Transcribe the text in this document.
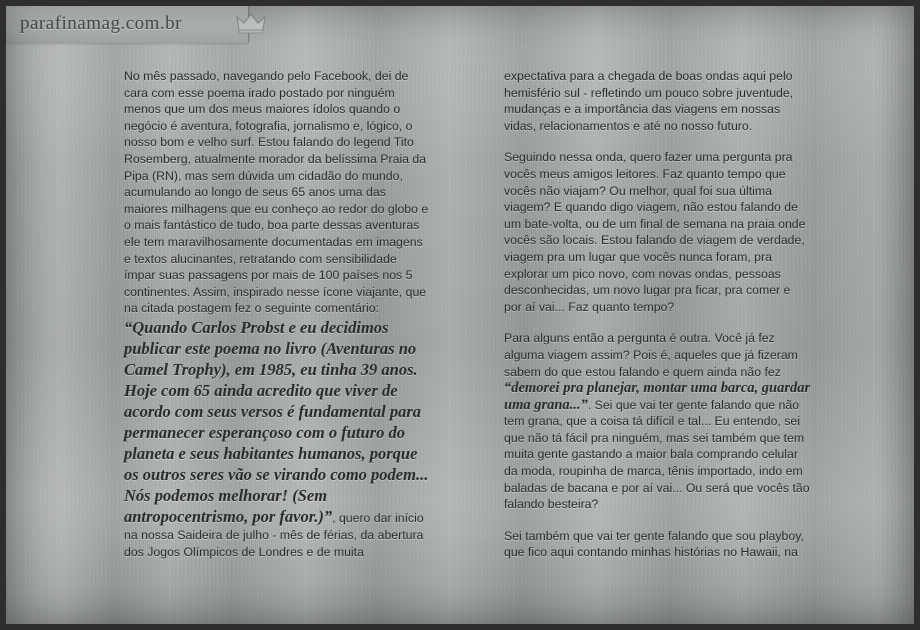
parafinamag.com.br

No mês passado, navegando pelo Facebook, dei de cara com esse poema irado postado por ninguém menos que um dos meus maiores ídolos quando o negócio é aventura, fotografia, jornalismo e, lógico, o nosso bom e velho surf. Estou falando do legend Tito Rosemberg, atualmente morador da belíssima Praia da Pipa (RN), mas sem dúvida um cidadão do mundo, acumulando ao longo de seus 65 anos uma das maiores milhagens que eu conheço ao redor do globo e o mais fantástico de tudo, boa parte dessas aventuras ele tem maravilhosamente documentadas em imagens e textos alucinantes, retratando com sensibilidade ímpar suas passagens por mais de 100 países nos 5 continentes. Assim, inspirado nesse ícone viajante, que na citada postagem fez o seguinte comentário: “Quando Carlos Probst e eu decidimos publicar este poema no livro (Aventuras no Camel Trophy), em 1985, eu tinha 39 anos. Hoje com 65 ainda acredito que viver de acordo com seus versos é fundamental para permanecer esperançoso com o futuro do planeta e seus habitantes humanos, porque os outros seres vão se virando como podem... Nós podemos melhorar! (Sem antropocentrismo, por favor.)”, quero dar início na nossa Saideira de julho - mês de férias, da abertura dos Jogos Olímpicos de Londres e de muita

expectativa para a chegada de boas ondas aqui pelo hemisfério sul - refletindo um pouco sobre juventude, mudanças e a importância das viagens em nossas vidas, relacionamentos e até no nosso futuro.

Seguindo nessa onda, quero fazer uma pergunta pra vocês meus amigos leitores. Faz quanto tempo que vocês não viajam? Ou melhor, qual foi sua última viagem? E quando digo viagem, não estou falando de um bate-volta, ou de um final de semana na praia onde vocês são locais. Estou falando de viagem de verdade, viagem pra um lugar que vocês nunca foram, pra explorar um pico novo, com novas ondas, pessoas desconhecidas, um novo lugar pra ficar, pra comer e por aí vai... Faz quanto tempo?

Para alguns então a pergunta é outra. Você já fez alguma viagem assim? Pois é, aqueles que já fizeram sabem do que estou falando e quem ainda não fez “demorei pra planejar, montar uma barca, guardar uma grana...”. Sei que vai ter gente falando que não tem grana, que a coisa tá difícil e tal... Eu entendo, sei que não tá fácil pra ninguém, mas sei também que tem muita gente gastando a maior bala comprando celular da moda, roupinha de marca, tênis importado, indo em baladas de bacana e por aí vai... Ou será que vocês tão falando besteira?

Sei também que vai ter gente falando que sou playboy, que fico aqui contando minhas histórias no Hawaii, na
